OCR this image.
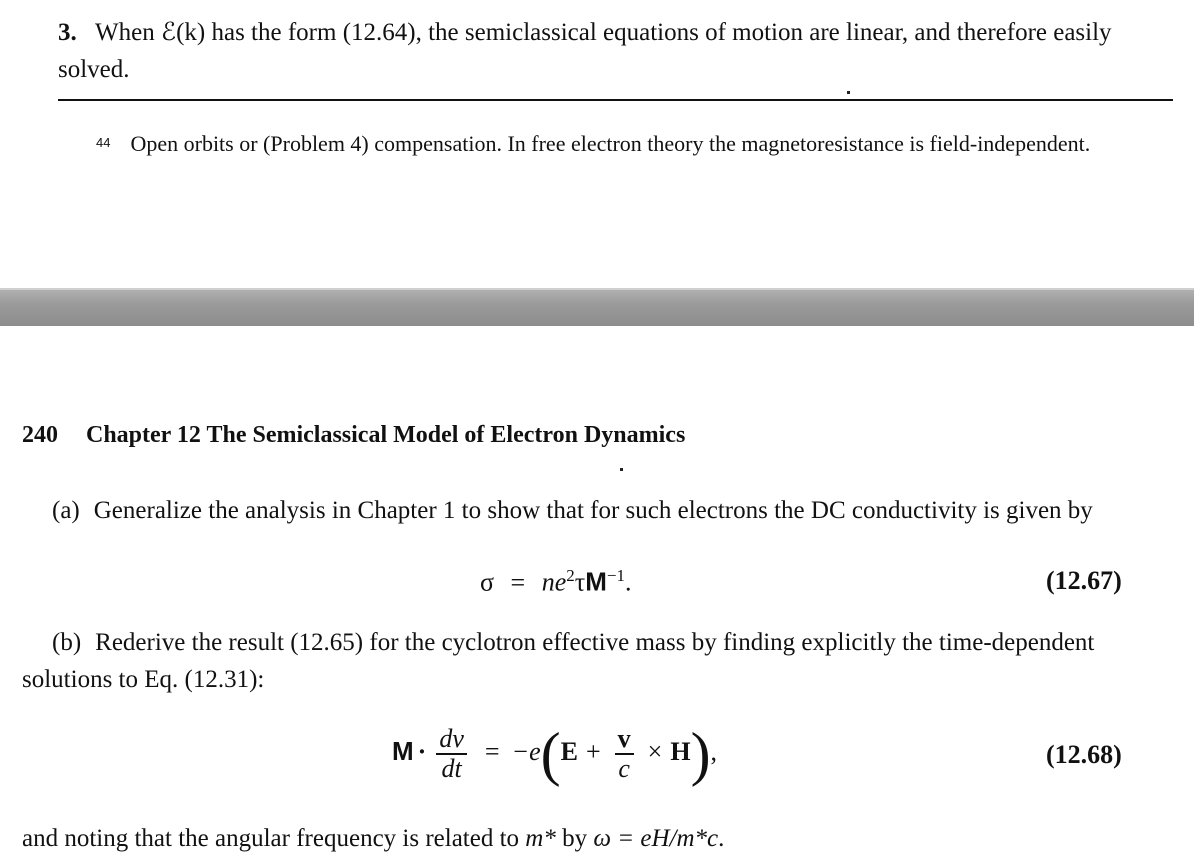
3. When ℰ(k) has the form (12.64), the semiclassical equations of motion are linear, and therefore easily solved.
44 Open orbits or (Problem 4) compensation. In free electron theory the magnetoresistance is field-independent.
240 Chapter 12 The Semiclassical Model of Electron Dynamics
(a) Generalize the analysis in Chapter 1 to show that for such electrons the DC conductivity is given by
$\sigma = ne^2\tau M^{-1}$.	(12.67)
(b) Rederive the result (12.65) for the cyclotron effective mass by finding explicitly the time-dependent solutions to Eq. (12.31):
$M \cdot \frac{dv}{dt} = -e(E + \frac{v}{c} \times H)$,	(12.68)
and noting that the angular frequency is related to m* by ω = eH/m*c.
